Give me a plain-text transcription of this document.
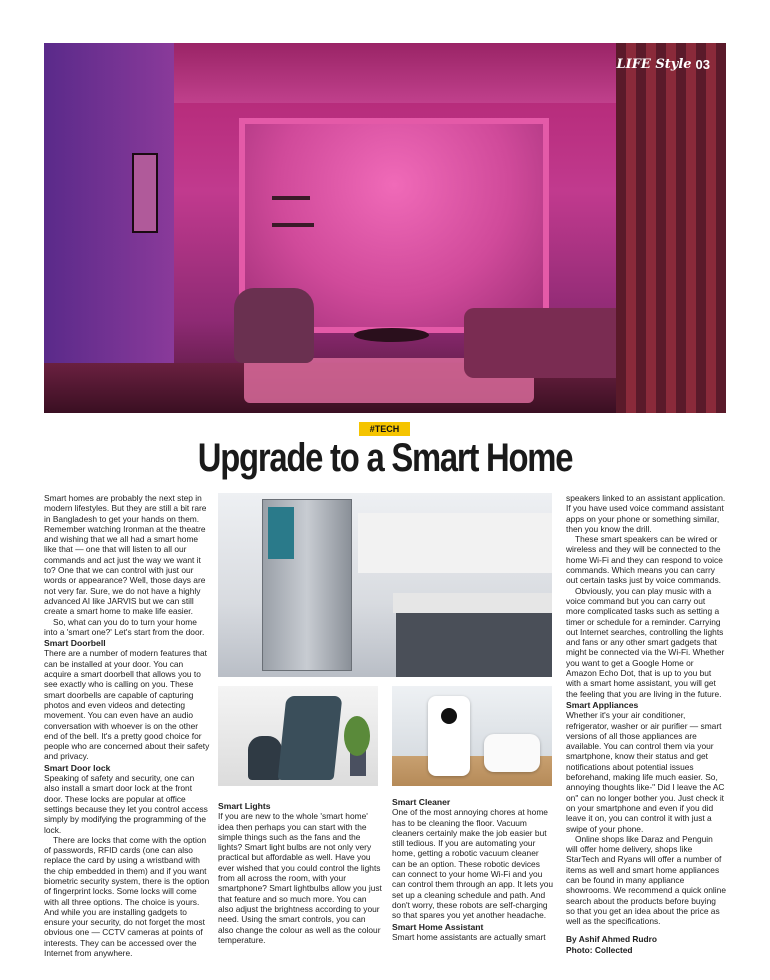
LIFE Style 03
#TECH
Upgrade to a Smart Home

Smart homes are probably the next step in modern lifestyles. But they are still a bit rare in Bangladesh to get your hands on them. Remember watching Ironman at the theatre and wishing that we all had a smart home like that — one that will listen to all our commands and act just the way we want it to? One that we can control with just our words or appearance? Well, those days are not very far. Sure, we do not have a highly advanced AI like JARVIS but we can still create a smart home to make life easier.

So, what can you do to turn your home into a 'smart one?' Let's start from the door.

Smart Doorbell

There are a number of modern features that can be installed at your door. You can acquire a smart doorbell that allows you to see exactly who is calling on you. These smart doorbells are capable of capturing photos and even videos and detecting movement. You can even have an audio conversation with whoever is on the other end of the bell. It's a pretty good choice for people who are concerned about their safety and privacy.

Smart Door lock

Speaking of safety and security, one can also install a smart door lock at the front door. These locks are popular at office settings because they let you control access simply by modifying the programming of the lock.

There are locks that come with the option of passwords, RFID cards (one can also replace the card by using a wristband with the chip embedded in them) and if you want biometric security system, there is the option of fingerprint locks. Some locks will come with all three options. The choice is yours. And while you are installing gadgets to ensure your security, do not forget the most obvious one — CCTV cameras at points of interests. They can be accessed over the Internet from anywhere.

Smart Lights

If you are new to the whole 'smart home' idea then perhaps you can start with the simple things such as the fans and the lights? Smart light bulbs are not only very practical but affordable as well. Have you ever wished that you could control the lights from all across the room, with your smartphone? Smart lightbulbs allow you just that feature and so much more. You can also adjust the brightness according to your need. Using the smart controls, you can also change the colour as well as the colour temperature.

Smart Cleaner

One of the most annoying chores at home has to be cleaning the floor. Vacuum cleaners certainly make the job easier but still tedious. If you are automating your home, getting a robotic vacuum cleaner can be an option. These robotic devices can connect to your home Wi-Fi and you can control them through an app. It lets you set up a cleaning schedule and path. And don't worry, these robots are self-charging so that spares you yet another headache.

Smart Home Assistant

Smart home assistants are actually smart

speakers linked to an assistant application. If you have used voice command assistant apps on your phone or something similar, then you know the drill.

These smart speakers can be wired or wireless and they will be connected to the home Wi-Fi and they can respond to voice commands. Which means you can carry out certain tasks just by voice commands.

Obviously, you can play music with a voice command but you can carry out more complicated tasks such as setting a timer or schedule for a reminder. Carrying out Internet searches, controlling the lights and fans or any other smart gadgets that might be connected via the Wi-Fi. Whether you want to get a Google Home or Amazon Echo Dot, that is up to you but with a smart home assistant, you will get the feeling that you are living in the future.

Smart Appliances

Whether it's your air conditioner, refrigerator, washer or air purifier — smart versions of all those appliances are available. You can control them via your smartphone, know their status and get notifications about potential issues beforehand, making life much easier. So, annoying thoughts like-" Did I leave the AC on" can no longer bother you. Just check it on your smartphone and even if you did leave it on, you can control it with just a swipe of your phone.

Online shops like Daraz and Penguin will offer home delivery, shops like StarTech and Ryans will offer a number of items as well and smart home appliances can be found in many appliance showrooms. We recommend a quick online search about the products before buying so that you get an idea about the price as well as the specifications.

By Ashif Ahmed Rudro

Photo: Collected
